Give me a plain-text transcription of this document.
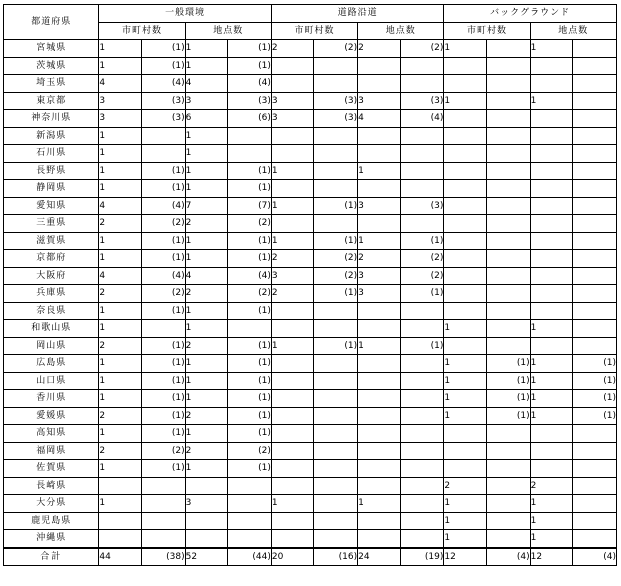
都道府県	一般環境				道路沿道				バックグラウンド			
	市町村数		地点数		市町村数		地点数		市町村数		地点数	
宮城県	1	(1)	1	(1)	2	(2)	2	(2)	1		1	
茨城県	1	(1)	1	(1)								
埼玉県	4	(4)	4	(4)								
東京都	3	(3)	3	(3)	3	(3)	3	(3)	1		1	
神奈川県	3	(3)	6	(6)	3	(3)	4	(4)				
新潟県	1		1									
石川県	1		1									
長野県	1	(1)	1	(1)	1		1					
静岡県	1	(1)	1	(1)								
愛知県	4	(4)	7	(7)	1	(1)	3	(3)				
三重県	2	(2)	2	(2)								
滋賀県	1	(1)	1	(1)	1	(1)	1	(1)				
京都府	1	(1)	1	(1)	2	(2)	2	(2)				
大阪府	4	(4)	4	(4)	3	(2)	3	(2)				
兵庫県	2	(2)	2	(2)	2	(1)	3	(1)				
奈良県	1	(1)	1	(1)								
和歌山県	1		1						1		1	
岡山県	2	(1)	2	(1)	1	(1)	1	(1)				
広島県	1	(1)	1	(1)					1	(1)	1	(1)
山口県	1	(1)	1	(1)					1	(1)	1	(1)
香川県	1	(1)	1	(1)					1	(1)	1	(1)
愛媛県	2	(1)	2	(1)					1	(1)	1	(1)
高知県	1	(1)	1	(1)								
福岡県	2	(2)	2	(2)								
佐賀県	1	(1)	1	(1)								
長崎県									2		2	
大分県	1		3		1		1		1		1	
鹿児島県									1		1	
沖縄県									1		1	
合計	44	(38)	52	(44)	20	(16)	24	(19)	12	(4)	12	(4)
